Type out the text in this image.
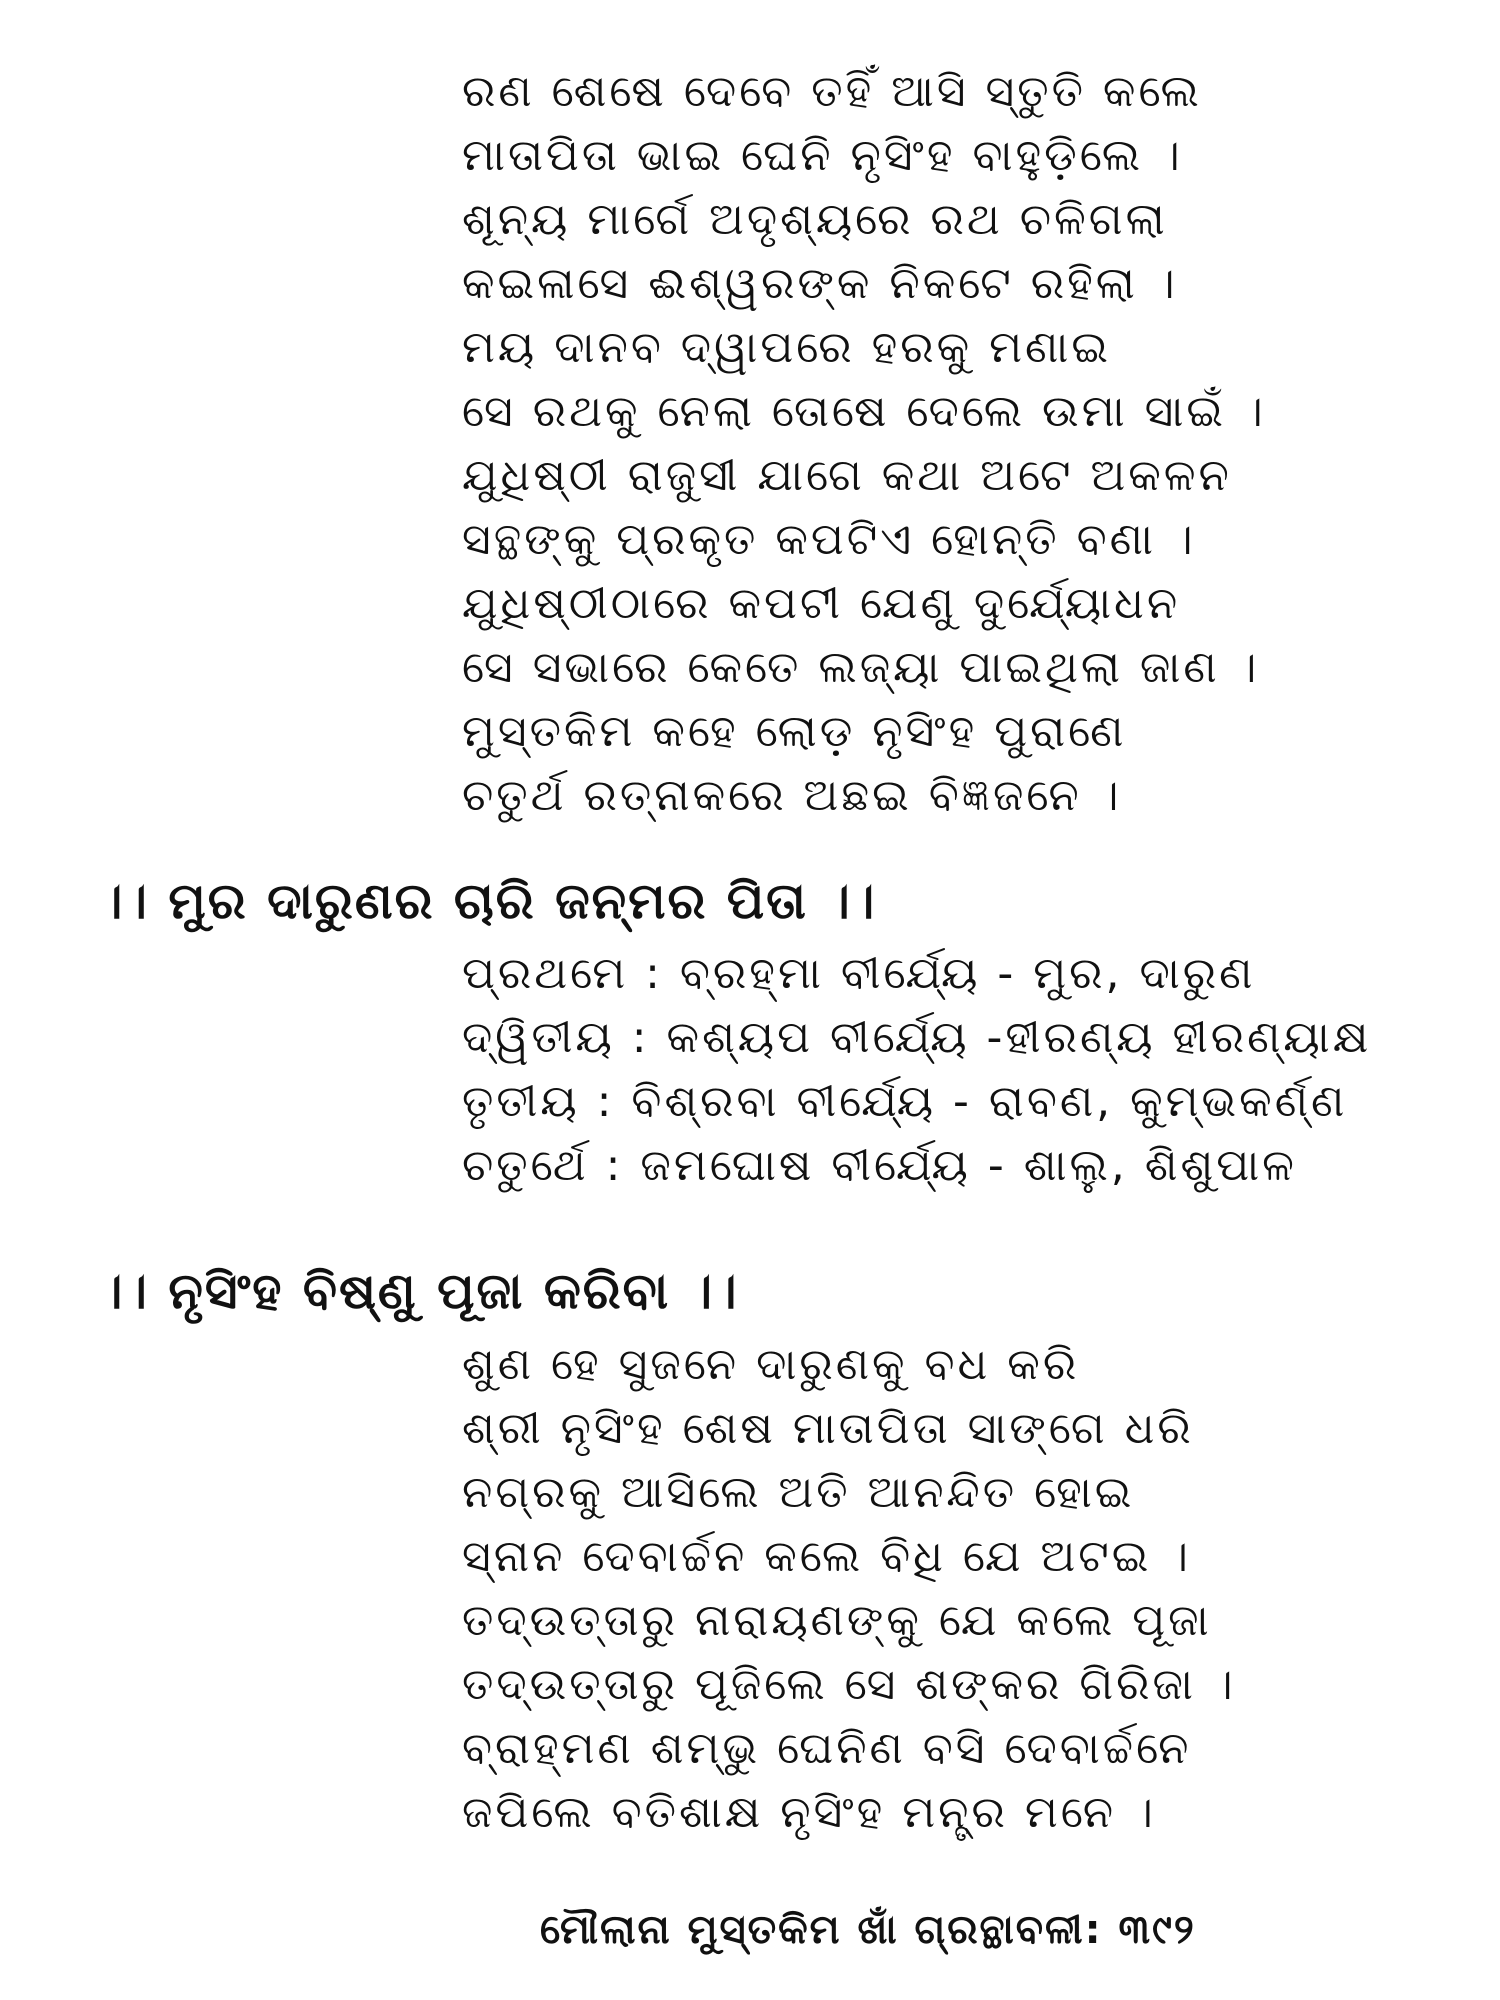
ରଣ ଶେଷେ ଦେବେ ତହିଁ ଆସି ସ୍ତୁତି କଲେ
ମାତାପିତା ଭାଇ ଘେନି ନୃସିଂହ ବାହୁଡ଼ିଲେ ।
ଶୂନ୍ୟ ମାର୍ଗେ ଅଦୃଶ୍ୟରେ ରଥ ଚଳିଗଲା
କଇଳାସେ ଈଶ୍ୱରଙ୍କ ନିକଟେ ରହିଲା ।
ମୟ ଦାନବ ଦ୍ୱାପରେ ହରକୁ ମଣାଇ
ସେ ରଥକୁ ନେଲା ତୋଷେ ଦେଲେ ଉମା ସାଇଁ ।
ଯୁଧିଷ୍ଠୀ ରାଜୁସୀ ଯାଗେ କଥା ଅଟେ ଅକଳନ
ସନ୍ଥଙ୍କୁ ପ୍ରକୃତ କପଟିଏ ହୋନ୍ତି ବଣା ।
ଯୁଧିଷ୍ଠୀଠାରେ କପଟୀ ଯେଣୁ ଦୁର୍ଯ୍ୟୋଧନ
ସେ ସଭାରେ କେତେ ଲଜ୍ୟା ପାଇଥିଲା ଜାଣ ।
ମୁସ୍ତକିମ କହେ ଲୋଡ଼ ନୃସିଂହ ପୁରାଣେ
ଚତୁର୍ଥ ରତ୍ନାକରେ ଅଛଇ ବିଜ୍ଞଜନେ ।
।। ମୁର ଦାରୁଣର ଚାରି ଜନ୍ମର ପିତା ।।
ପ୍ରଥମେ : ବ୍ରହ୍ମା ବୀର୍ଯ୍ୟେ - ମୁର, ଦାରୁଣ
ଦ୍ୱିତୀୟ : କଶ୍ୟପ ବୀର୍ଯ୍ୟେ -ହୀରଣ୍ୟ ହୀରଣ୍ୟାକ୍ଷ
ତୃତୀୟ : ବିଶ୍ରବା ବୀର୍ଯ୍ୟେ - ରାବଣ, କୁମ୍ଭକର୍ଣ୍ଣ
ଚତୁର୍ଥେ : ଜମଘୋଷ ବୀର୍ଯ୍ୟେ - ଶାଲୁ, ଶିଶୁପାଳ
।। ନୃସିଂହ ବିଷ୍ଣୁ ପୂଜା କରିବା ।।
ଶୁଣ ହେ ସୁଜନେ ଦାରୁଣକୁ ବଧ କରି
ଶ୍ରୀ ନୃସିଂହ ଶେଷ ମାତାପିତା ସାଙ୍ଗେ ଧରି
ନଗ୍ରକୁ ଆସିଲେ ଅତି ଆନନ୍ଦିତ ହୋଇ
ସ୍ନାନ ଦେବାର୍ଚ୍ଚନ କଲେ ବିଧି ଯେ ଅଟଇ ।
ତଦ୍‌ଉତ୍ତାରୁ ନାରାୟଣଙ୍କୁ ଯେ କଲେ ପୂଜା
ତଦ୍‌ଉତ୍ତାରୁ ପୂଜିଲେ ସେ ଶଙ୍କର ଗିରିଜା ।
ବ୍ରାହ୍ମଣ ଶମ୍ଭୁ ଘେନିଣ ବସି ଦେବାର୍ଚ୍ଚନେ
ଜପିଲେ ବତିଶାକ୍ଷ ନୃସିଂହ ମନ୍ତ୍ର ମନେ ।
ମୌଲାନା ମୁସ୍ତକିମ ଖାଁ ଗ୍ରନ୍ଥାବଳୀ: ୩୯୨
